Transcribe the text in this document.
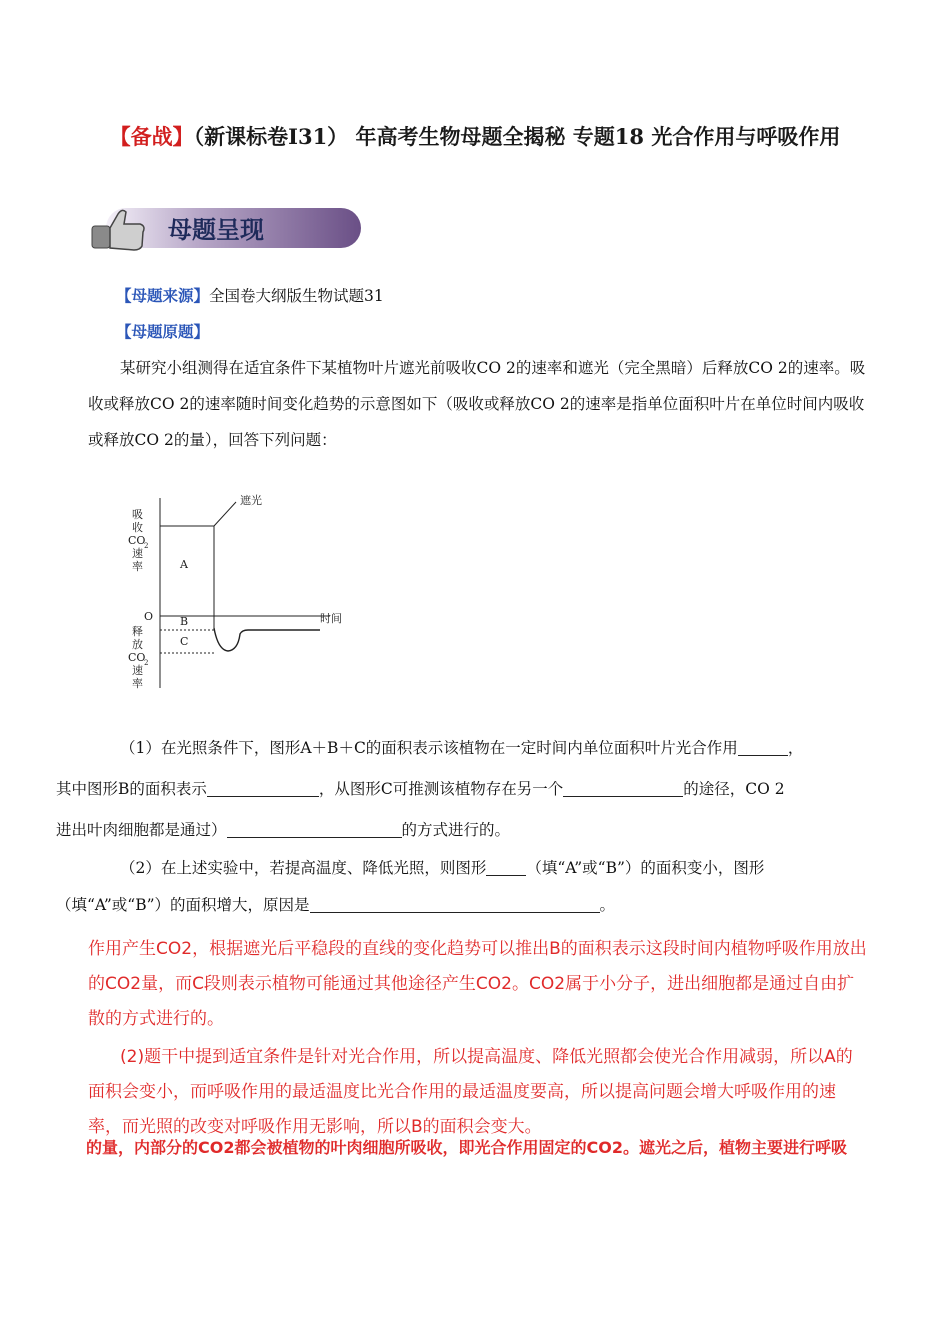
【备战】（新课标卷Ⅰ31） 年高考生物母题全揭秘 专题18 光合作用与呼吸作用
母题呈现
【母题来源】全国卷大纲版生物试题31
【母题原题】
某研究小组测得在适宜条件下某植物叶片遮光前吸收CO 2的速率和遮光（完全黑暗）后释放CO 2的速率。吸收或释放CO 2的速率随时间变化趋势的示意图如下（吸收或释放CO 2的速率是指单位面积叶片在单位时间内吸收或释放CO 2的量），回答下列问题：
遮光
A
B
C
O	时间
吸
收
CO
2
速
率
释
放
CO
2
速
率
（1）在光照条件下，图形A＋B＋C的面积表示该植物在一定时间内单位面积叶片光合作用	，
其中图形B的面积表示	，从图形C可推测该植物存在另一个	的途径，CO 2
进出叶肉细胞都是通过）	的方式进行的。
（2）在上述实验中，若提高温度、降低光照，则图形	（填“A”或“B”）的面积变小，图形
（填“A”或“B”）的面积增大，原因是	。
作用产生CO2，根据遮光后平稳段的直线的变化趋势可以推出B的面积表示这段时间内植物呼吸作用放出的CO2量，而C段则表示植物可能通过其他途径产生CO2。CO2属于小分子，进出细胞都是通过自由扩散的方式进行的。
(2)题干中提到适宜条件是针对光合作用，所以提高温度、降低光照都会使光合作用减弱，所以A的面积会变小，而呼吸作用的最适温度比光合作用的最适温度要高，所以提高问题会增大呼吸作用的速率，而光照的改变对呼吸作用无影响，所以B的面积会变大。
的量，内部分的CO2都会被植物的叶肉细胞所吸收，即光合作用固定的CO2。遮光之后，植物主要进行呼吸
